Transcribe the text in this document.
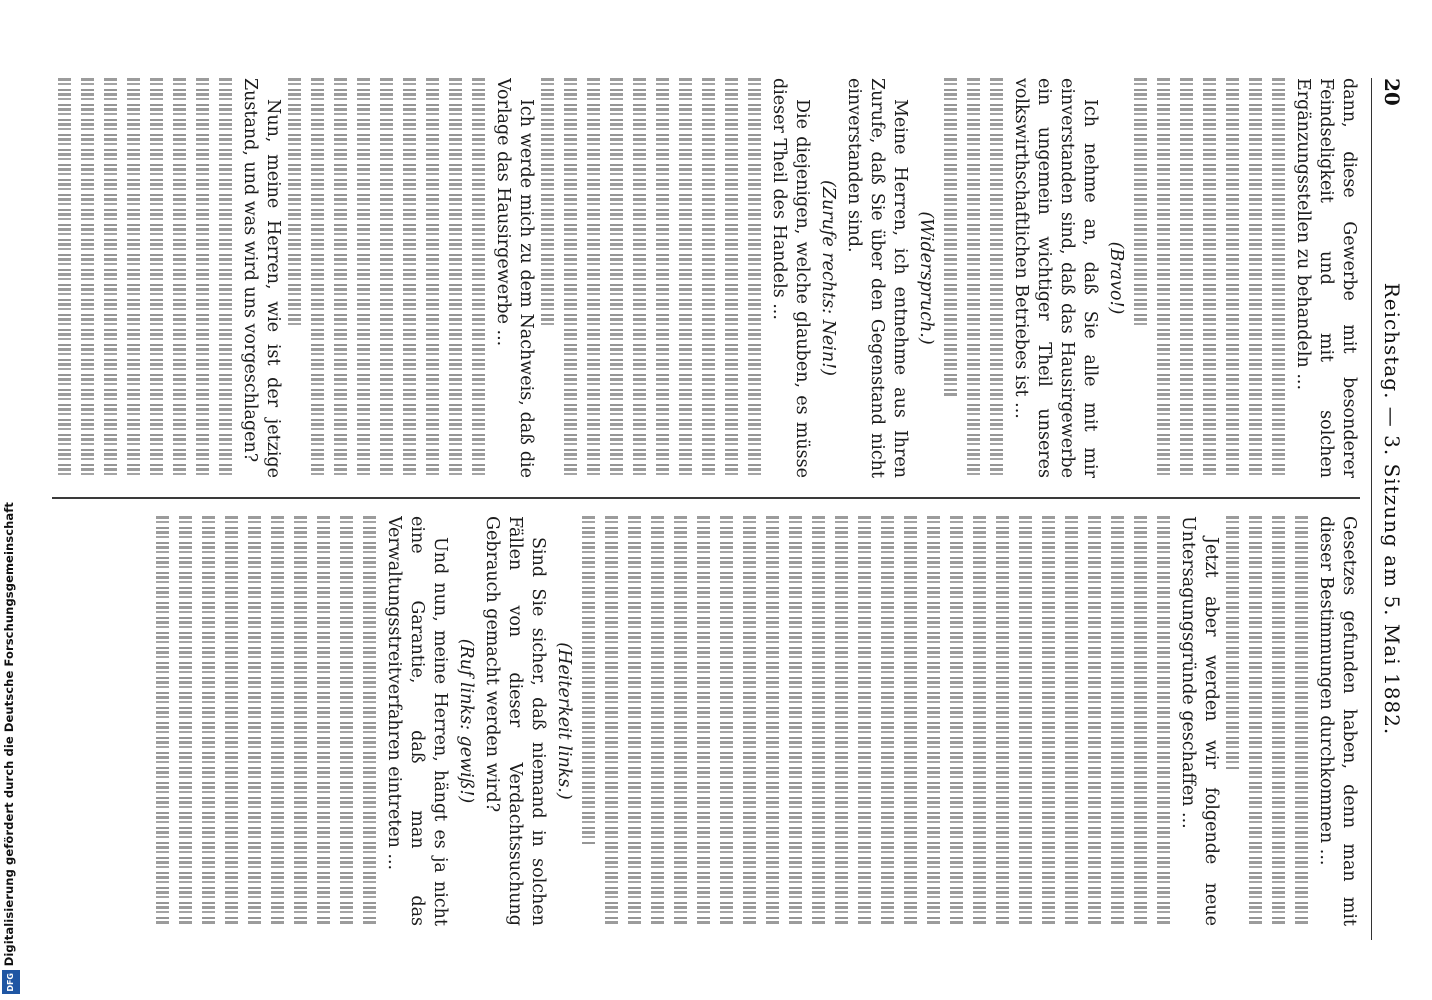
20
Reichstag. — 3. Sitzung am 5. Mai 1882.

dann, diese Gewerbe mit besonderer Feindseligkeit und mit solchen Ergänzungsstellen zu behandeln ...

(Bravo!)

Ich nehme an, daß Sie alle mit mir einverstanden sind, daß das Hausirgewerbe ein ungemein wichtiger Theil unseres volkswirthschaftlichen Betriebes ist ...

(Widerspruch.)

Meine Herren, ich entnehme aus Ihren Zurufe, daß Sie über den Gegenstand nicht einverstanden sind.

(Zurufe rechts: Nein!)

Die diejenigen, welche glauben, es müsse dieser Theil des Handels ...

Ich werde mich zu dem Nachweis, daß die Vorlage das Hausirgewerbe ...

Nun, meine Herren, wie ist der jetzige Zustand, und was wird uns vorgeschlagen?

Gesetzes gefunden haben, denn man mit dieser Bestimmungen durchkommen ...

Jetzt aber werden wir folgende neue Untersagungsgründe geschaffen ...

(Heiterkeit links.)

Sind Sie sicher, daß niemand in solchen Fällen von dieser Verdachtssuchung Gebrauch gemacht werden wird?

(Ruf links: gewiß!)

Und nun, meine Herren, hängt es ja nicht eine Garantie, daß man das Verwaltungsstreitverfahren eintreten ...

Digitalisierung gefördert durch die Deutsche Forschungsgemeinschaft
DFG
